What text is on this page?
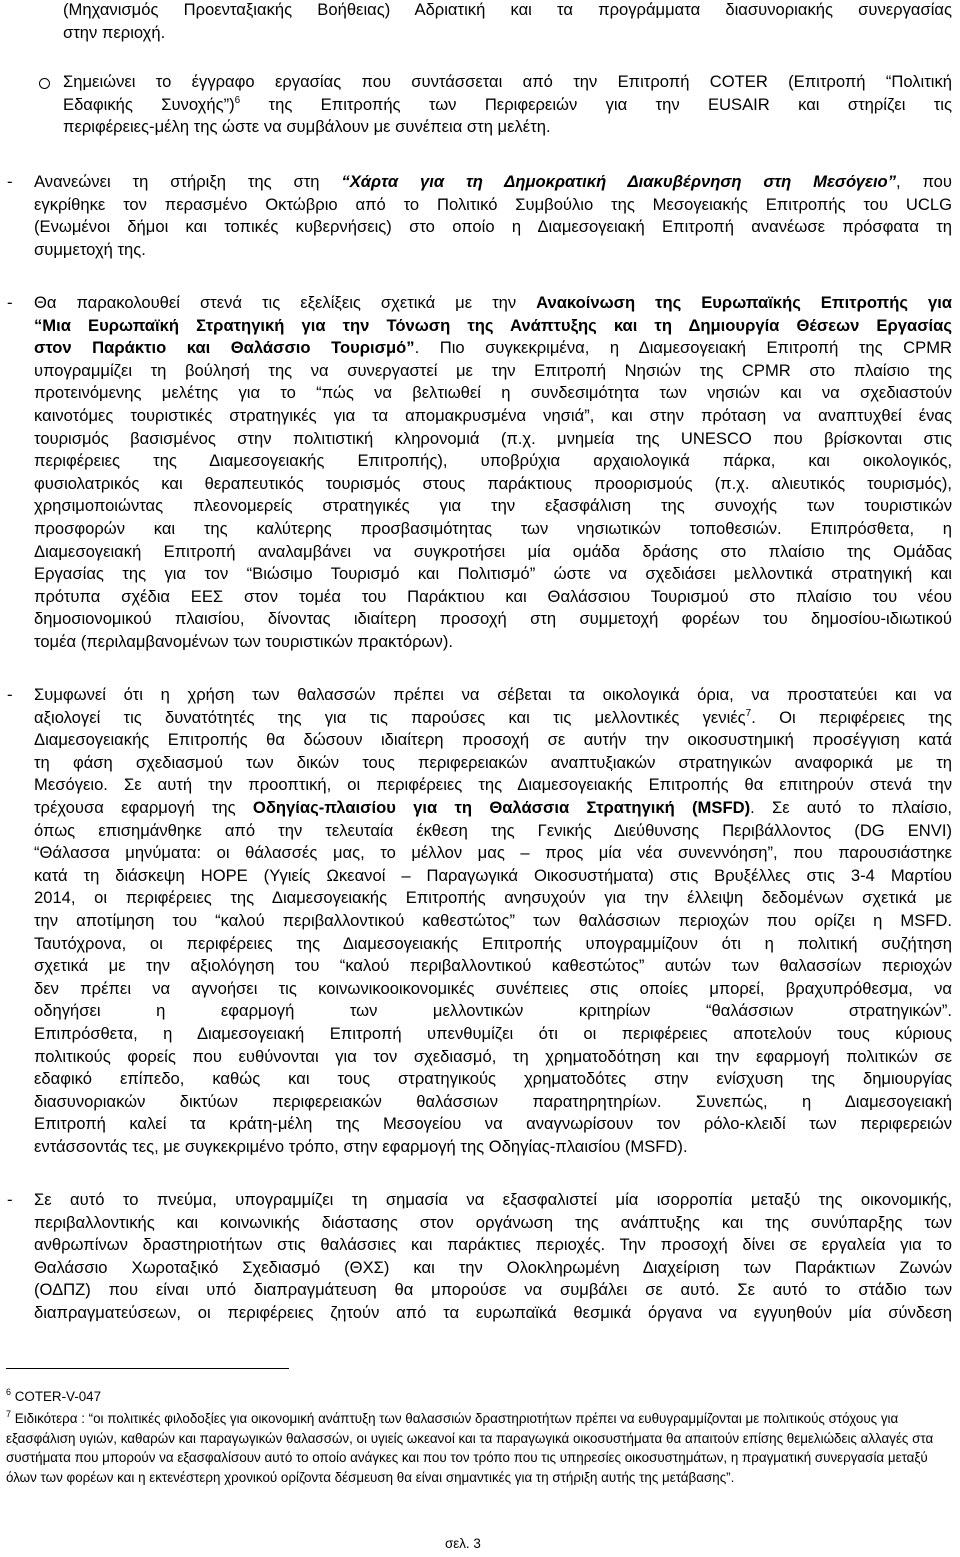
(Μηχανισμός Προενταξιακής Βοήθειας) Αδριατική και τα προγράμματα διασυνοριακής συνεργασίας
στην περιοχή.
Σημειώνει το έγγραφο εργασίας που συντάσσεται από την Επιτροπή COTER (Επιτροπή “Πολιτική
Εδαφικής Συνοχής”)$^6$ της Επιτροπής των Περιφερειών για την EUSAIR και στηρίζει τις
περιφέρειες-μέλη της ώστε να συμβάλουν με συνέπεια στη μελέτη.
- Ανανεώνει τη στήριξη της στη “Χάρτα για τη Δημοκρατική Διακυβέρνηση στη Μεσόγειο”, που
εγκρίθηκε τον περασμένο Οκτώβριο από το Πολιτικό Συμβούλιο της Μεσογειακής Επιτροπής του UCLG
(Ενωμένοι δήμοι και τοπικές κυβερνήσεις) στο οποίο η Διαμεσογειακή Επιτροπή ανανέωσε πρόσφατα τη
συμμετοχή της.
- Θα παρακολουθεί στενά τις εξελίξεις σχετικά με την Ανακοίνωση της Ευρωπαϊκής Επιτροπής για
“Μια Ευρωπαϊκή Στρατηγική για την Τόνωση της Ανάπτυξης και τη Δημιουργία Θέσεων Εργασίας
στον Παράκτιο και Θαλάσσιο Τουρισμό”. Πιο συγκεκριμένα, η Διαμεσογειακή Επιτροπή της CPMR
υπογραμμίζει τη βούλησή της να συνεργαστεί με την Επιτροπή Νησιών της CPMR στο πλαίσιο της
προτεινόμενης μελέτης για το “πώς να βελτιωθεί η συνδεσιμότητα των νησιών και να σχεδιαστούν
καινοτόμες τουριστικές στρατηγικές για τα απομακρυσμένα νησιά”, και στην πρόταση να αναπτυχθεί ένας
τουρισμός βασισμένος στην πολιτιστική κληρονομιά (π.χ. μνημεία της UNESCO που βρίσκονται στις
περιφέρειες της Διαμεσογειακής Επιτροπής), υποβρύχια αρχαιολογικά πάρκα, και οικολογικός,
φυσιολατρικός και θεραπευτικός τουρισμός στους παράκτιους προορισμούς (π.χ. αλιευτικός τουρισμός),
χρησιμοποιώντας πλεονομερείς στρατηγικές για την εξασφάλιση της συνοχής των τουριστικών
προσφορών και της καλύτερης προσβασιμότητας των νησιωτικών τοποθεσιών. Επιπρόσθετα, η
Διαμεσογειακή Επιτροπή αναλαμβάνει να συγκροτήσει μία ομάδα δράσης στο πλαίσιο της Ομάδας
Εργασίας της για τον “Βιώσιμο Τουρισμό και Πολιτισμό” ώστε να σχεδιάσει μελλοντικά στρατηγική και
πρότυπα σχέδια ΕΕΣ στον τομέα του Παράκτιου και Θαλάσσιου Τουρισμού στο πλαίσιο του νέου
δημοσιονομικού πλαισίου, δίνοντας ιδιαίτερη προσοχή στη συμμετοχή φορέων του δημοσίου-ιδιωτικού
τομέα (περιλαμβανομένων των τουριστικών πρακτόρων).
- Συμφωνεί ότι η χρήση των θαλασσών πρέπει να σέβεται τα οικολογικά όρια, να προστατεύει και να
αξιολογεί τις δυνατότητές της για τις παρούσες και τις μελλοντικές γενιές$^7$. Οι περιφέρειες της
Διαμεσογειακής Επιτροπής θα δώσουν ιδιαίτερη προσοχή σε αυτήν την οικοσυστημική προσέγγιση κατά
τη φάση σχεδιασμού των δικών τους περιφερειακών αναπτυξιακών στρατηγικών αναφορικά με τη
Μεσόγειο. Σε αυτή την προοπτική, οι περιφέρειες της Διαμεσογειακής Επιτροπής θα επιτηρούν στενά την
τρέχουσα εφαρμογή της Οδηγίας-πλαισίου για τη Θαλάσσια Στρατηγική (MSFD). Σε αυτό το πλαίσιο,
όπως επισημάνθηκε από την τελευταία έκθεση της Γενικής Διεύθυνσης Περιβάλλοντος (DG ENVI)
“Θάλασσα μηνύματα: οι θάλασσές μας, το μέλλον μας – προς μία νέα συνεννόηση”, που παρουσιάστηκε
κατά τη διάσκεψη HOPE (Υγιείς Ωκεανοί – Παραγωγικά Οικοσυστήματα) στις Βρυξέλλες στις 3-4 Μαρτίου
2014, οι περιφέρειες της Διαμεσογειακής Επιτροπής ανησυχούν για την έλλειψη δεδομένων σχετικά με
την αποτίμηση του “καλού περιβαλλοντικού καθεστώτος” των θαλάσσιων περιοχών που ορίζει η MSFD.
Ταυτόχρονα, οι περιφέρειες της Διαμεσογειακής Επιτροπής υπογραμμίζουν ότι η πολιτική συζήτηση
σχετικά με την αξιολόγηση του “καλού περιβαλλοντικού καθεστώτος” αυτών των θαλασσίων περιοχών
δεν πρέπει να αγνοήσει τις κοινωνικοοικονομικές συνέπειες στις οποίες μπορεί, βραχυπρόθεσμα, να
οδηγήσει η εφαρμογή των μελλοντικών κριτηρίων “θαλάσσιων στρατηγικών”.
Επιπρόσθετα, η Διαμεσογειακή Επιτροπή υπενθυμίζει ότι οι περιφέρειες αποτελούν τους κύριους
πολιτικούς φορείς που ευθύνονται για τον σχεδιασμό, τη χρηματοδότηση και την εφαρμογή πολιτικών σε
εδαφικό επίπεδο, καθώς και τους στρατηγικούς χρηματοδότες στην ενίσχυση της δημιουργίας
διασυνοριακών δικτύων περιφερειακών θαλάσσιων παρατηρητηρίων. Συνεπώς, η Διαμεσογειακή
Επιτροπή καλεί τα κράτη-μέλη της Μεσογείου να αναγνωρίσουν τον ρόλο-κλειδί των περιφερειών
εντάσσοντάς τες, με συγκεκριμένο τρόπο, στην εφαρμογή της Οδηγίας-πλαισίου (MSFD).
- Σε αυτό το πνεύμα, υπογραμμίζει τη σημασία να εξασφαλιστεί μία ισορροπία μεταξύ της οικονομικής,
περιβαλλοντικής και κοινωνικής διάστασης στον οργάνωση της ανάπτυξης και της συνύπαρξης των
ανθρωπίνων δραστηριοτήτων στις θαλάσσιες και παράκτιες περιοχές. Την προσοχή δίνει σε εργαλεία για το
Θαλάσσιο Χωροταξικό Σχεδιασμό (ΘΧΣ) και την Ολοκληρωμένη Διαχείριση των Παράκτιων Ζωνών
(ΟΔΠΖ) που είναι υπό διαπραγμάτευση θα μπορούσε να συμβάλει σε αυτό. Σε αυτό το στάδιο των
διαπραγματεύσεων, οι περιφέρειες ζητούν από τα ευρωπαϊκά θεσμικά όργανα να εγγυηθούν μία σύνδεση
$^6$ COTER-V-047
$^7$ Ειδικότερα : “οι πολιτικές φιλοδοξίες για οικονομική ανάπτυξη των θαλασσιών δραστηριοτήτων πρέπει να ευθυγραμμίζονται με πολιτικούς στόχους για εξασφάλιση υγιών, καθαρών και παραγωγικών θαλασσών, οι υγιείς ωκεανοί και τα παραγωγικά οικοσυστήματα θα απαιτούν επίσης θεμελιώδεις αλλαγές στα συστήματα που μπορούν να εξασφαλίσουν αυτό το οποίο ανάγκες και που τον τρόπο που τις υπηρεσίες οικοσυστημάτων, η πραγματική συνεργασία μεταξύ όλων των φορέων και η εκτενέστερη χρονικού ορίζοντα δέσμευση θα είναι σημαντικές για τη στήριξη αυτής της μετάβασης”.
σελ. 3
